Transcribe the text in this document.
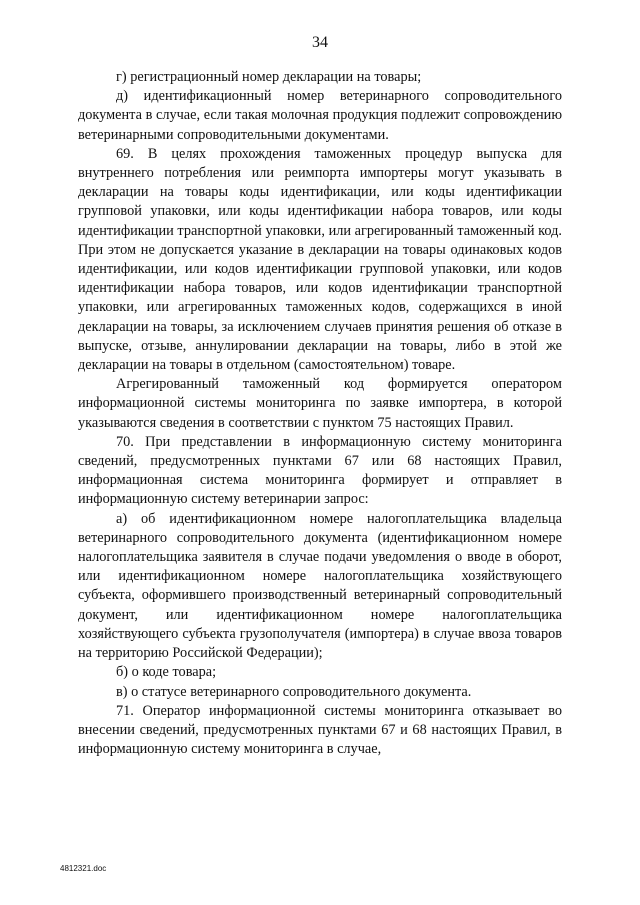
34

г) регистрационный номер декларации на товары;

д) идентификационный номер ветеринарного сопроводительного документа в случае, если такая молочная продукция подлежит сопровождению ветеринарными сопроводительными документами.

69. В целях прохождения таможенных процедур выпуска для внутреннего потребления или реимпорта импортеры могут указывать в декларации на товары коды идентификации, или коды идентификации групповой упаковки, или коды идентификации набора товаров, или коды идентификации транспортной упаковки, или агрегированный таможенный код. При этом не допускается указание в декларации на товары одинаковых кодов идентификации, или кодов идентификации групповой упаковки, или кодов идентификации набора товаров, или кодов идентификации транспортной упаковки, или агрегированных таможенных кодов, содержащихся в иной декларации на товары, за исключением случаев принятия решения об отказе в выпуске, отзыве, аннулировании декларации на товары, либо в этой же декларации на товары в отдельном (самостоятельном) товаре.

Агрегированный таможенный код формируется оператором информационной системы мониторинга по заявке импортера, в которой указываются сведения в соответствии с пунктом 75 настоящих Правил.

70. При представлении в информационную систему мониторинга сведений, предусмотренных пунктами 67 или 68 настоящих Правил, информационная система мониторинга формирует и отправляет в информационную систему ветеринарии запрос:

а) об идентификационном номере налогоплательщика владельца ветеринарного сопроводительного документа (идентификационном номере налогоплательщика заявителя в случае подачи уведомления о вводе в оборот, или идентификационном номере налогоплательщика хозяйствующего субъекта, оформившего производственный ветеринарный сопроводительный документ, или идентификационном номере налогоплательщика хозяйствующего субъекта грузополучателя (импортера) в случае ввоза товаров на территорию Российской Федерации);

б) о коде товара;

в) о статусе ветеринарного сопроводительного документа.

71. Оператор информационной системы мониторинга отказывает во внесении сведений, предусмотренных пунктами 67 и 68 настоящих Правил, в информационную систему мониторинга в случае,

4812321.doc
